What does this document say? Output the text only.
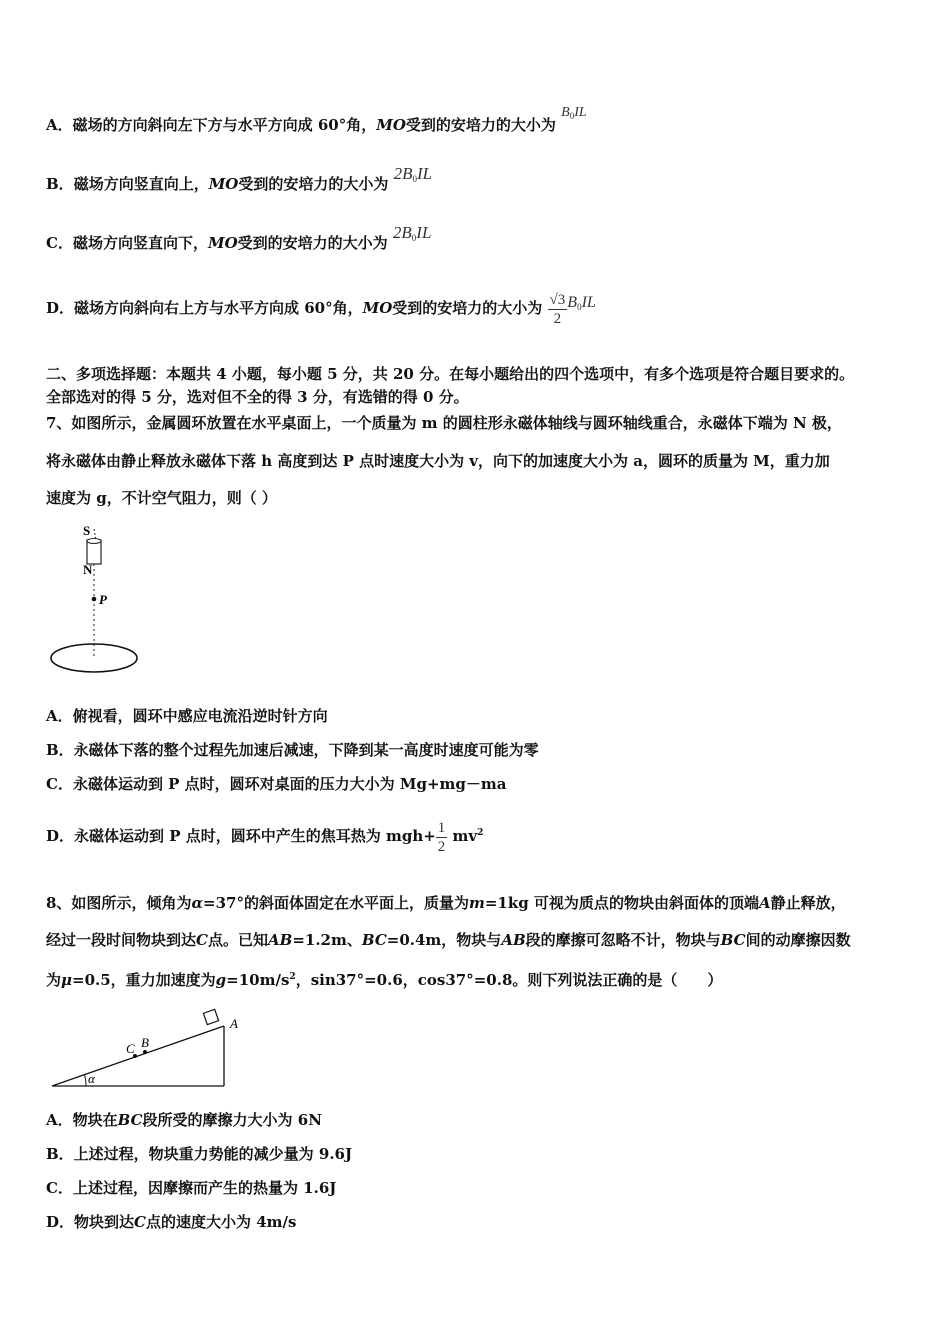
A．磁场的方向斜向左下方与水平方向成 60°角，MO受到的安培力的大小为 $B_0IL$
B．磁场方向竖直向上，MO受到的安培力的大小为 $2B_0IL$
C．磁场方向竖直向下，MO受到的安培力的大小为 $2B_0IL$
D．磁场方向斜向右上方与水平方向成 60°角，MO受到的安培力的大小为 $\frac{√3}{2} B_0IL$
二、多项选择题：本题共 4 小题，每小题 5 分，共 20 分。在每小题给出的四个选项中，有多个选项是符合题目要求的。
全部选对的得 5 分，选对但不全的得 3 分，有选错的得 0 分。
7、如图所示，金属圆环放置在水平桌面上，一个质量为 m 的圆柱形永磁体轴线与圆环轴线重合，永磁体下端为 N 极，
将永磁体由静止释放永磁体下落 h 高度到达 P 点时速度大小为 v，向下的加速度大小为 a，圆环的质量为 M，重力加
速度为 g，不计空气阻力，则（ ）
S
N
P
A．俯视看，圆环中感应电流沿逆时针方向
B．永磁体下落的整个过程先加速后减速，下降到某一高度时速度可能为零
C．永磁体运动到 P 点时，圆环对桌面的压力大小为 Mg+mg－ma
D．永磁体运动到 P 点时，圆环中产生的焦耳热为 $mgh+ \frac{1}{2} mv^2$
8、如图所示，倾角为α=37°的斜面体固定在水平面上，质量为m=1kg 可视为质点的物块由斜面体的顶端A静止释放，
经过一段时间物块到达C点。已知AB=1.2m、BC=0.4m，物块与AB段的摩擦可忽略不计，物块与BC间的动摩擦因数
为μ=0.5，重力加速度为$g=10m/s^2$，sin37°=0.6，cos37°=0.8。则下列说法正确的是（　　）
α
A
B
C
A．物块在BC段所受的摩擦力大小为 6N
B．上述过程，物块重力势能的减少量为 9.6J
C．上述过程，因摩擦而产生的热量为 1.6J
D．物块到达C点的速度大小为 4m/s
